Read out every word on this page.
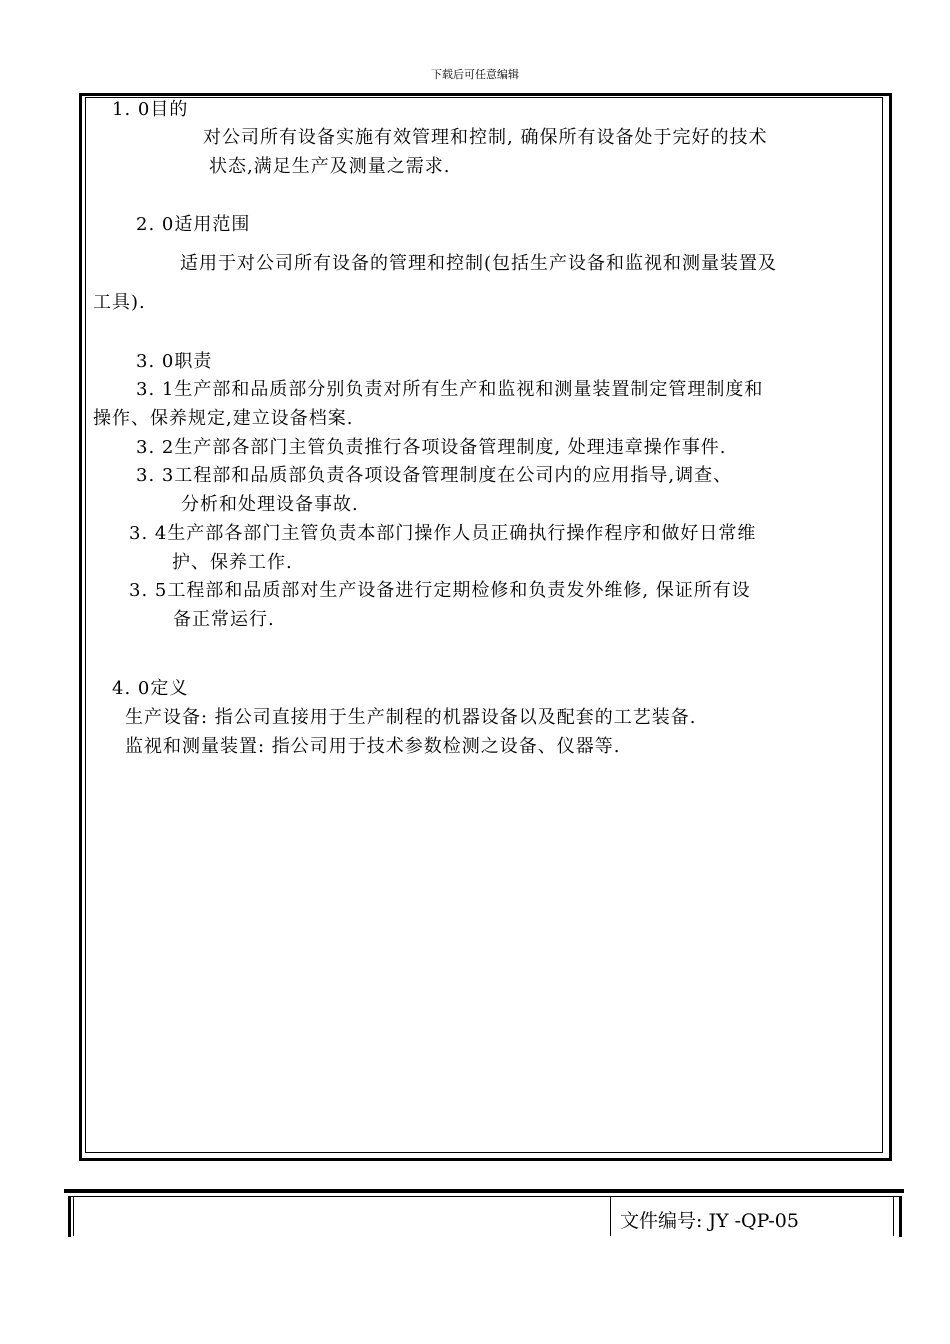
下载后可任意编辑
1. 0目的
对公司所有设备实施有效管理和控制, 确保所有设备处于完好的技术
状态,满足生产及测量之需求.
2. 0适用范围
适用于对公司所有设备的管理和控制(包括生产设备和监视和测量装置及
工具).
3. 0职责
3. 1生产部和品质部分别负责对所有生产和监视和测量装置制定管理制度和
操作、保养规定,建立设备档案.
3. 2生产部各部门主管负责推行各项设备管理制度, 处理违章操作事件.
3. 3工程部和品质部负责各项设备管理制度在公司内的应用指导,调查、
分析和处理设备事故.
3. 4生产部各部门主管负责本部门操作人员正确执行操作程序和做好日常维
护、保养工作.
3. 5工程部和品质部对生产设备进行定期检修和负责发外维修, 保证所有设
备正常运行.
4. 0定义
生产设备: 指公司直接用于生产制程的机器设备以及配套的工艺装备.
监视和测量装置: 指公司用于技术参数检测之设备、仪器等.
文件编号: JY -QP-05
